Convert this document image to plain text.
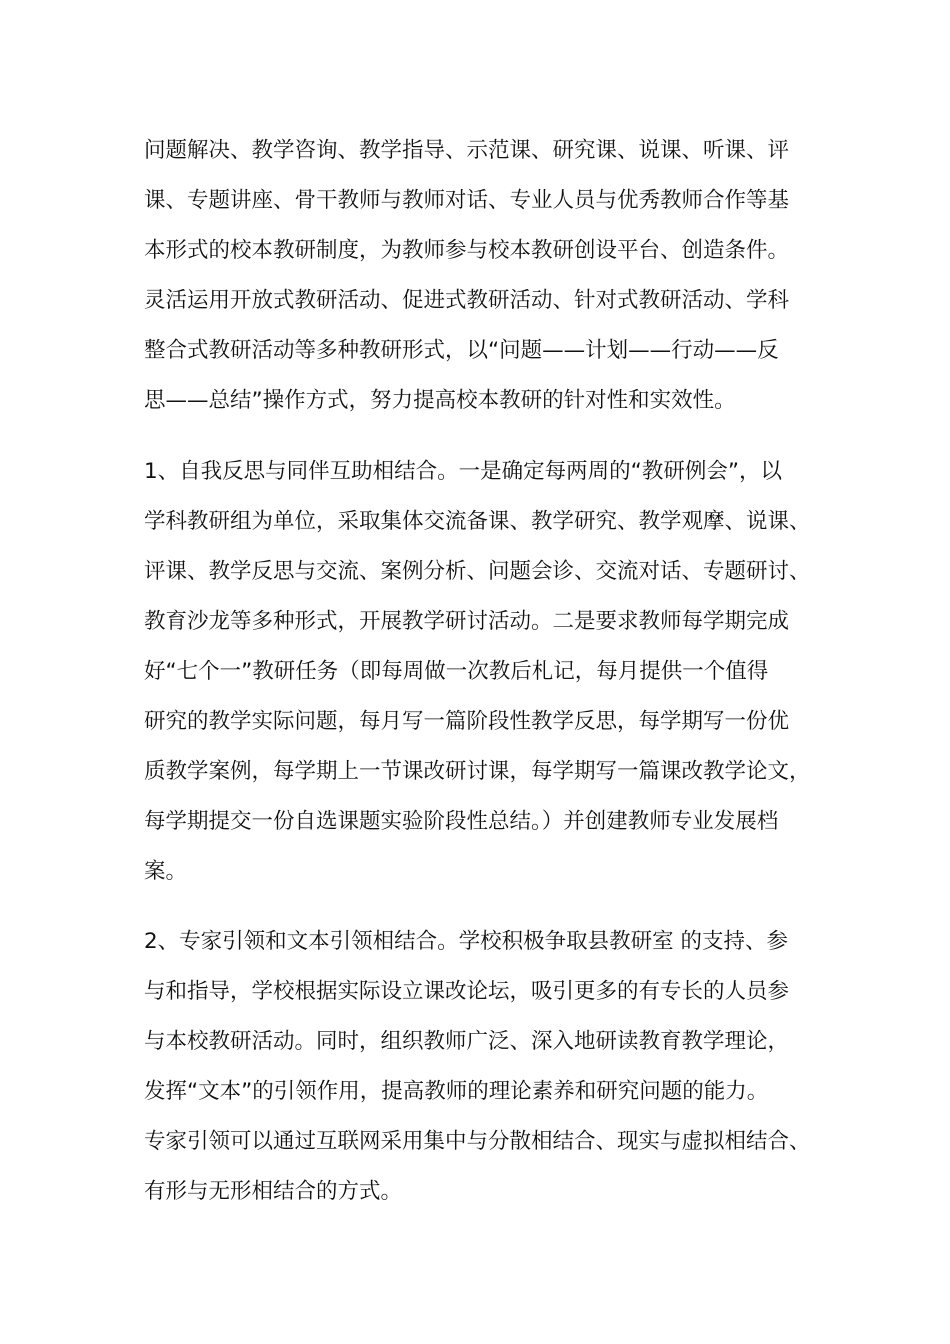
问题解决、教学咨询、教学指导、示范课、研究课、说课、听课、评
课、专题讲座、骨干教师与教师对话、专业人员与优秀教师合作等基
本形式的校本教研制度，为教师参与校本教研创设平台、创造条件。
灵活运用开放式教研活动、促进式教研活动、针对式教研活动、学科
整合式教研活动等多种教研形式，以“问题——计划——行动——反
思——总结”操作方式，努力提高校本教研的针对性和实效性。
1、自我反思与同伴互助相结合。一是确定每两周的“教研例会”，以
学科教研组为单位，采取集体交流备课、教学研究、教学观摩、说课、
评课、教学反思与交流、案例分析、问题会诊、交流对话、专题研讨、
教育沙龙等多种形式，开展教学研讨活动。二是要求教师每学期完成
好“七个一”教研任务（即每周做一次教后札记，每月提供一个值得
研究的教学实际问题，每月写一篇阶段性教学反思，每学期写一份优
质教学案例，每学期上一节课改研讨课，每学期写一篇课改教学论文，
每学期提交一份自选课题实验阶段性总结。）并创建教师专业发展档
案。
2、专家引领和文本引领相结合。学校积极争取县教研室 的支持、参
与和指导，学校根据实际设立课改论坛，吸引更多的有专长的人员参
与本校教研活动。同时，组织教师广泛、深入地研读教育教学理论，
发挥“文本”的引领作用，提高教师的理论素养和研究问题的能力。
专家引领可以通过互联网采用集中与分散相结合、现实与虚拟相结合、
有形与无形相结合的方式。
